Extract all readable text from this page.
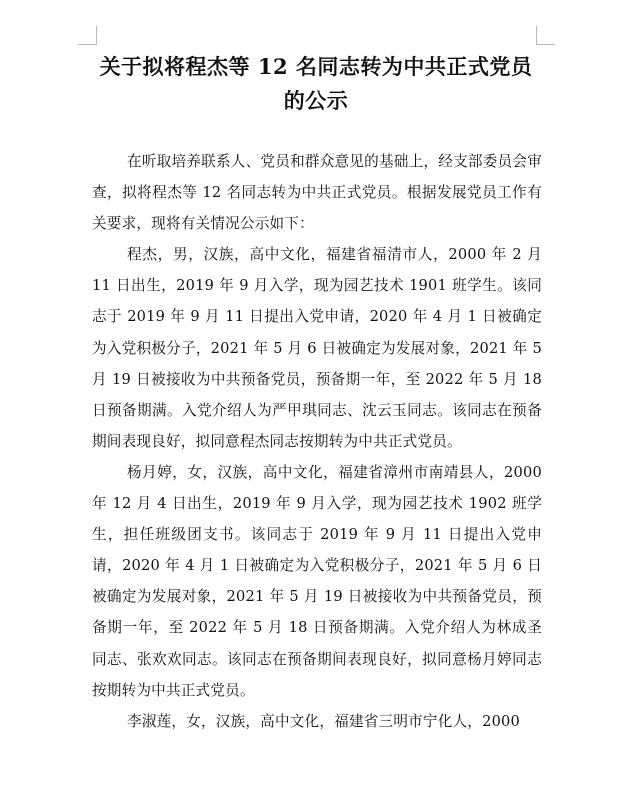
关于拟将程杰等 12 名同志转为中共正式党员的公示

在听取培养联系人、党员和群众意见的基础上，经支部委员会审查，拟将程杰等 12 名同志转为中共正式党员。根据发展党员工作有关要求，现将有关情况公示如下：

程杰，男，汉族，高中文化，福建省福清市人，2000 年 2 月 11 日出生，2019 年 9 月入学，现为园艺技术 1901 班学生。该同志于 2019 年 9 月 11 日提出入党申请，2020 年 4 月 1 日被确定为入党积极分子，2021 年 5 月 6 日被确定为发展对象，2021 年 5 月 19 日被接收为中共预备党员，预备期一年，至 2022 年 5 月 18 日预备期满。入党介绍人为严甲琪同志、沈云玉同志。该同志在预备期间表现良好，拟同意程杰同志按期转为中共正式党员。

杨月婷，女，汉族，高中文化，福建省漳州市南靖县人，2000 年 12 月 4 日出生，2019 年 9 月入学，现为园艺技术 1902 班学生，担任班级团支书。该同志于 2019 年 9 月 11 日提出入党申请，2020 年 4 月 1 日被确定为入党积极分子，2021 年 5 月 6 日被确定为发展对象，2021 年 5 月 19 日被接收为中共预备党员，预备期一年，至 2022 年 5 月 18 日预备期满。入党介绍人为林成圣同志、张欢欢同志。该同志在预备期间表现良好，拟同意杨月婷同志按期转为中共正式党员。

李淑莲，女，汉族，高中文化，福建省三明市宁化人，2000
